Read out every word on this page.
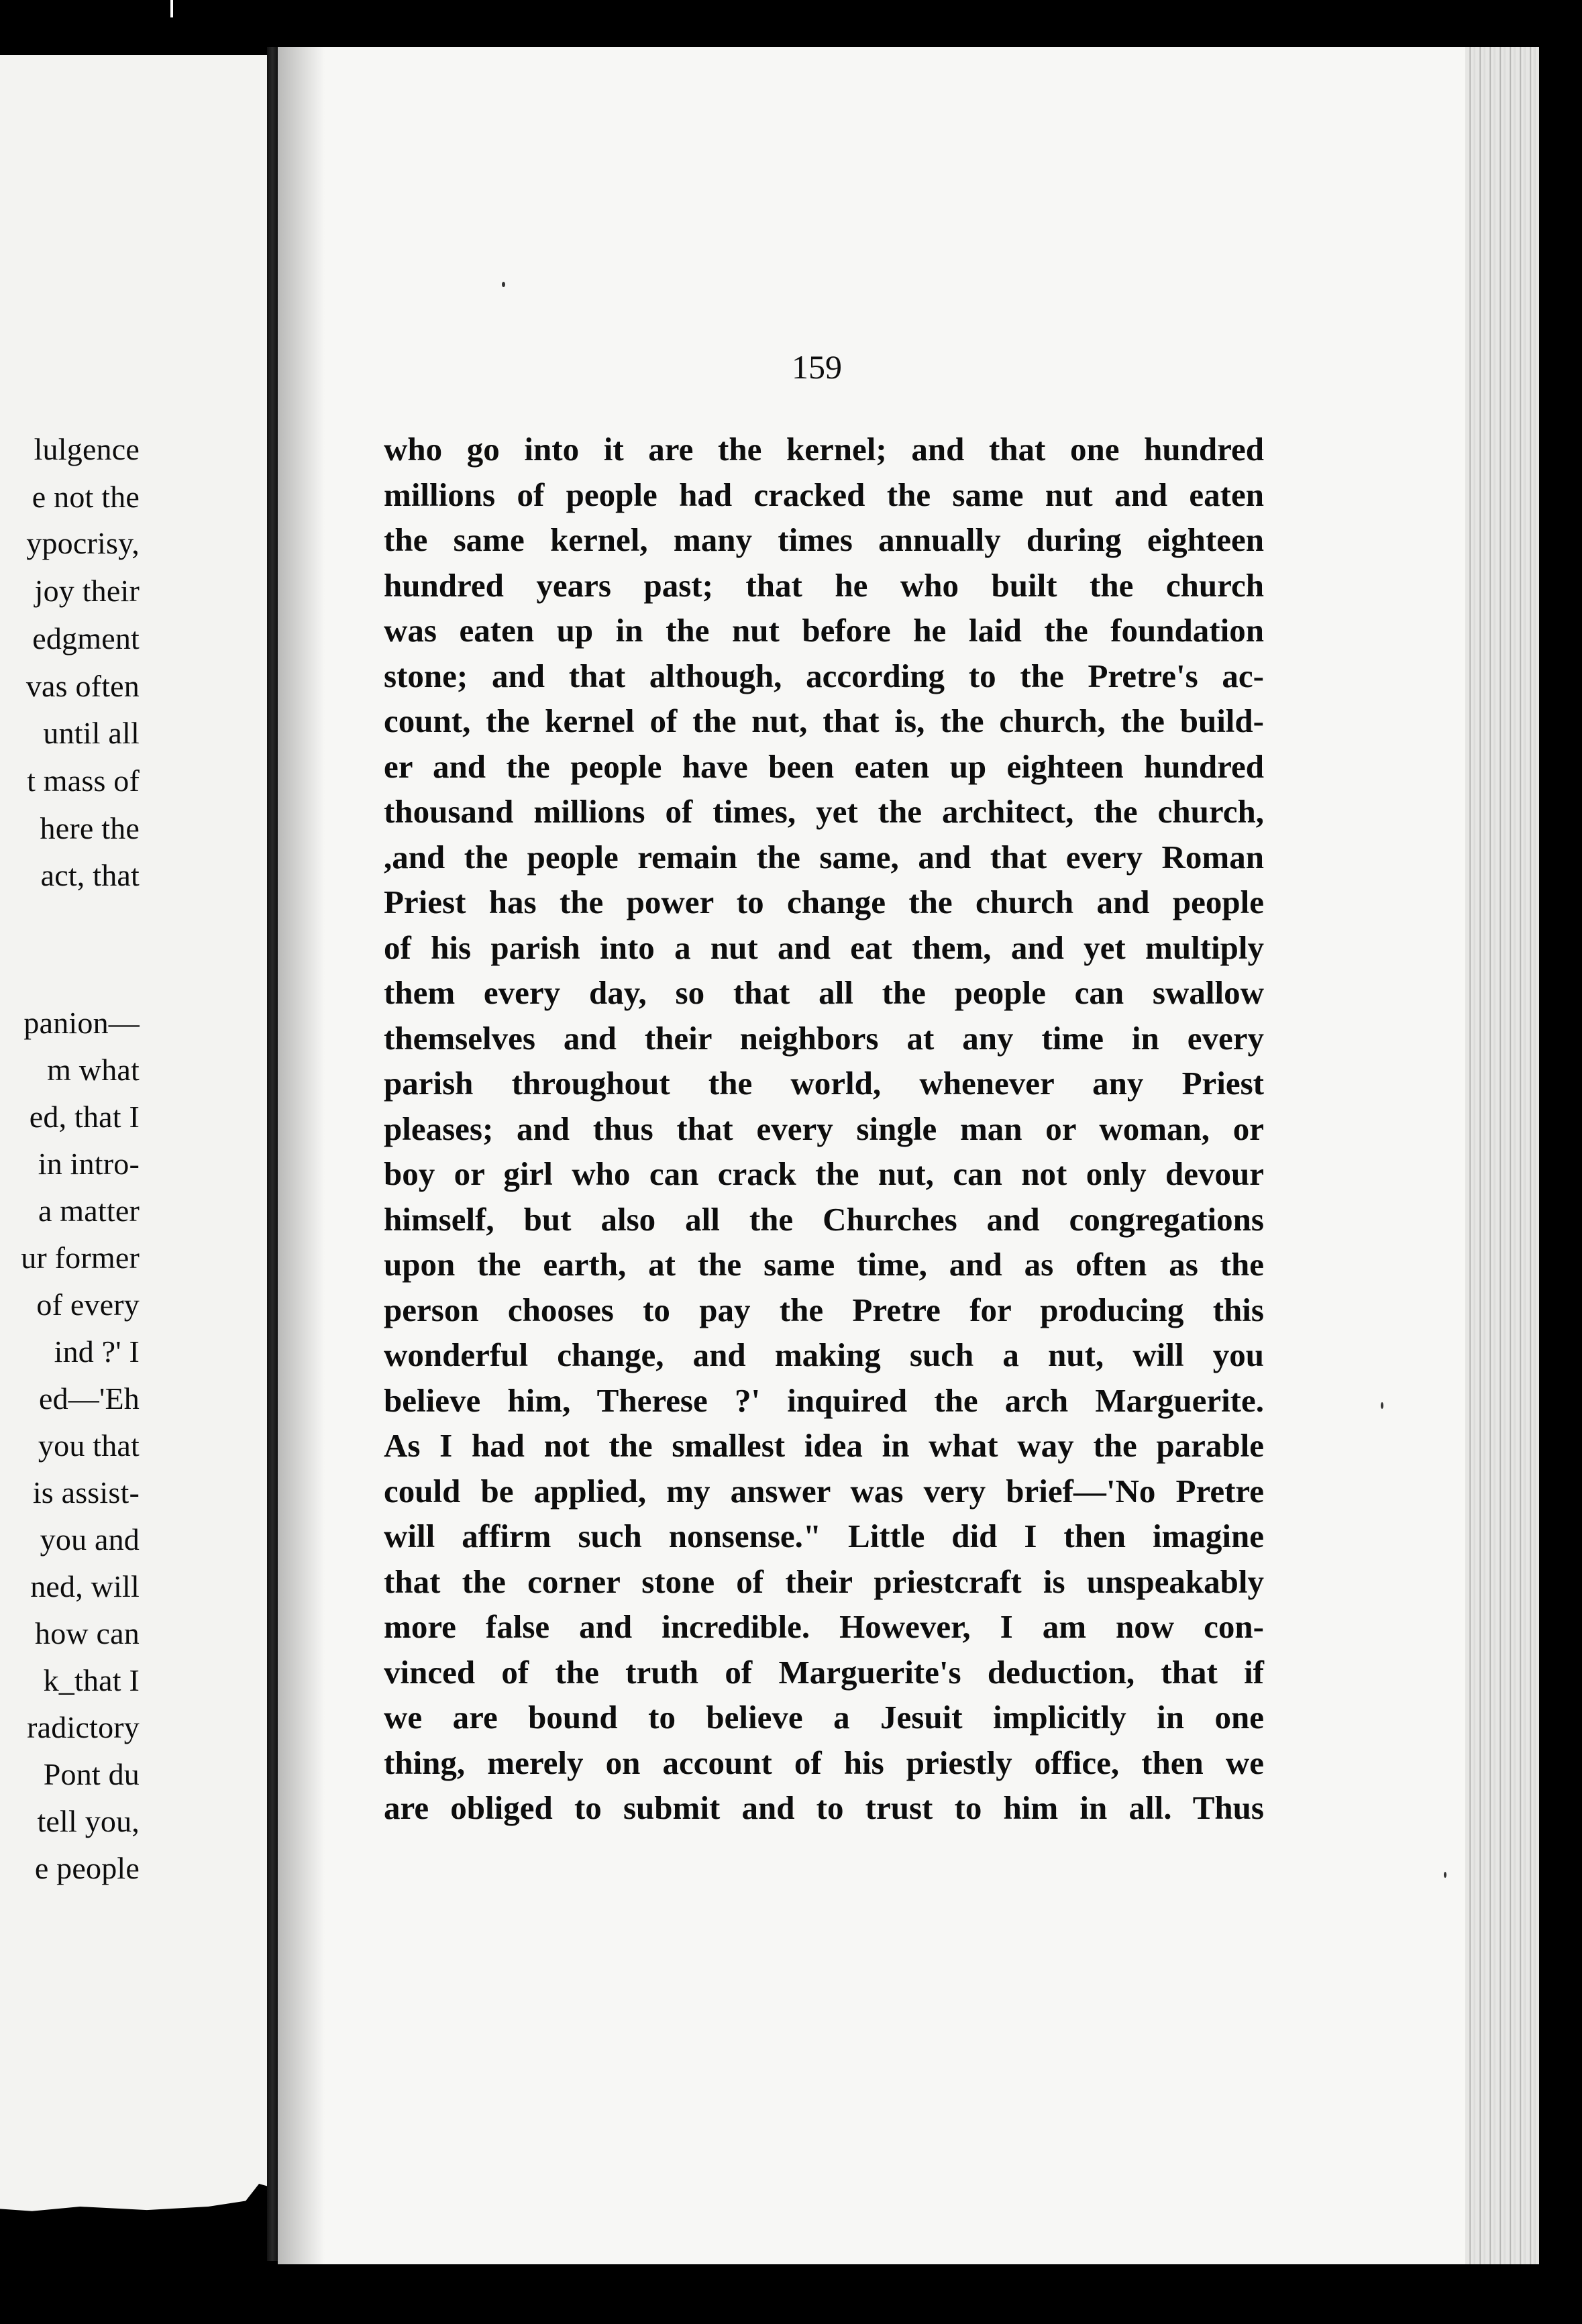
lulgence
e not the
ypocrisy,
joy their
edgment
vas often
until all
t mass of
here the
act, that
panion—
m what
ed, that I
in intro-
a matter
ur former
of every
ind ?' I
ed—'Eh
you that
is assist-
you and
ned, will
how can
k_that I
radictory
Pont du
tell you,
e people
159
who go into it are the kernel; and that one hundred
millions of people had cracked the same nut and eaten
the same kernel, many times annually during eighteen
hundred years past; that he who built the church
was eaten up in the nut before he laid the foundation
stone; and that although, according to the Pretre's ac-
count, the kernel of the nut, that is, the church, the build-
er and the people have been eaten up eighteen hundred
thousand millions of times, yet the architect, the church,
,and the people remain the same, and that every Roman
Priest has the power to change the church and people
of his parish into a nut and eat them, and yet multiply
them every day, so that all the people can swallow
themselves and their neighbors at any time in every
parish throughout the world, whenever any Priest
pleases; and thus that every single man or woman, or
boy or girl who can crack the nut, can not only devour
himself, but also all the Churches and congregations
upon the earth, at the same time, and as often as the
person chooses to pay the Pretre for producing this
wonderful change, and making such a nut, will you
believe him, Therese ?' inquired the arch Marguerite.
As I had not the smallest idea in what way the parable
could be applied, my answer was very brief—'No Pretre
will affirm such nonsense." Little did I then imagine
that the corner stone of their priestcraft is unspeakably
more false and incredible. However, I am now con-
vinced of the truth of Marguerite's deduction, that if
we are bound to believe a Jesuit implicitly in one
thing, merely on account of his priestly office, then we
are obliged to submit and to trust to him in all. Thus
